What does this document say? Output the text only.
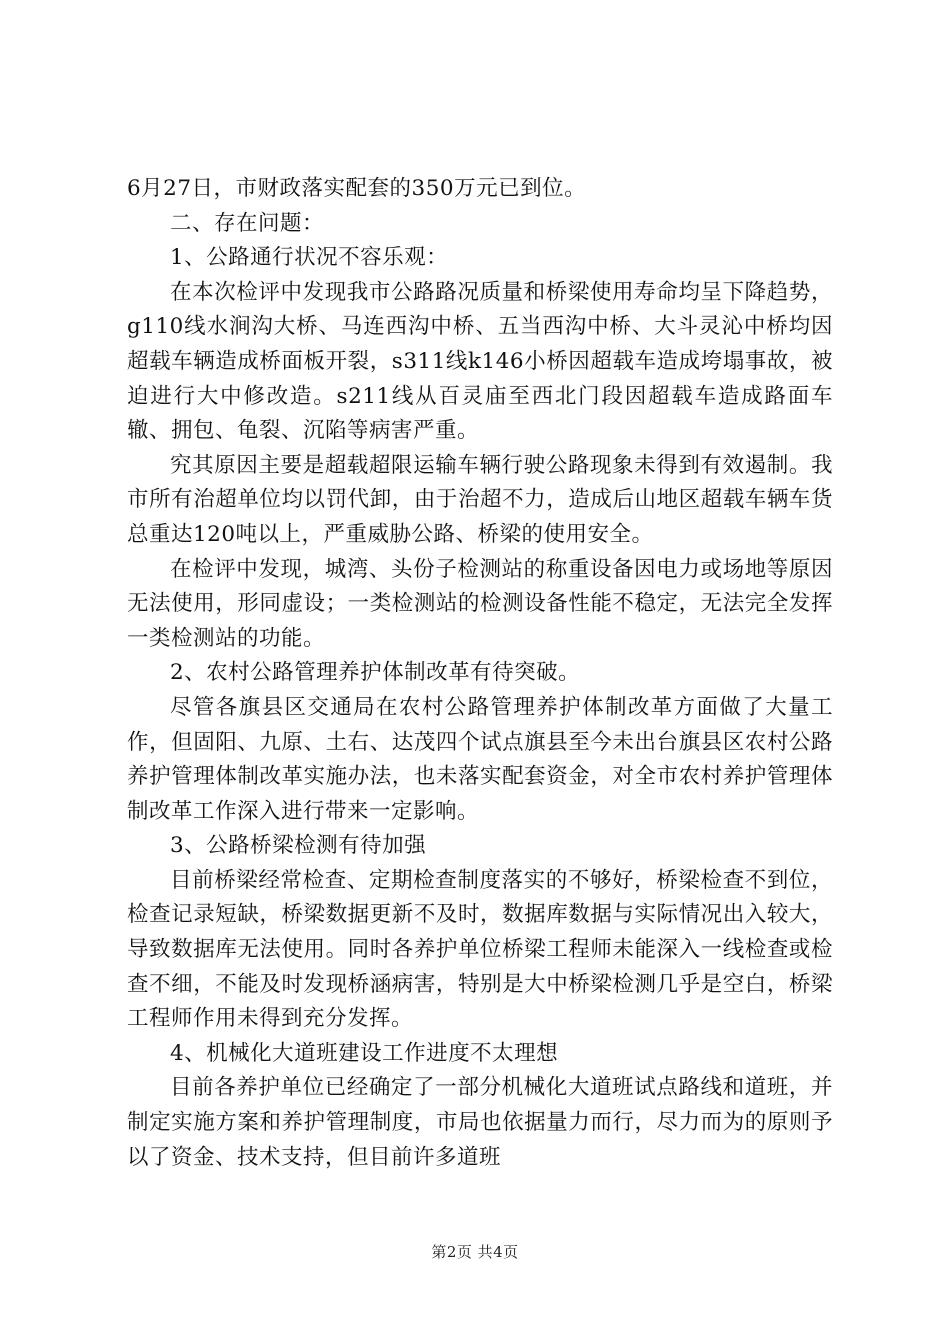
6月27日，市财政落实配套的350万元已到位。

二、存在问题：

1、公路通行状况不容乐观：

在本次检评中发现我市公路路况质量和桥梁使用寿命均呈下降趋势，g110线水涧沟大桥、马连西沟中桥、五当西沟中桥、大斗灵沁中桥均因超载车辆造成桥面板开裂，s311线k146小桥因超载车造成垮塌事故，被迫进行大中修改造。s211线从百灵庙至西北门段因超载车造成路面车辙、拥包、龟裂、沉陷等病害严重。

究其原因主要是超载超限运输车辆行驶公路现象未得到有效遏制。我市所有治超单位均以罚代卸，由于治超不力，造成后山地区超载车辆车货总重达120吨以上，严重威胁公路、桥梁的使用安全。

在检评中发现，城湾、头份子检测站的称重设备因电力或场地等原因无法使用，形同虚设；一类检测站的检测设备性能不稳定，无法完全发挥一类检测站的功能。

2、农村公路管理养护体制改革有待突破。

尽管各旗县区交通局在农村公路管理养护体制改革方面做了大量工作，但固阳、九原、土右、达茂四个试点旗县至今未出台旗县区农村公路养护管理体制改革实施办法，也未落实配套资金，对全市农村养护管理体制改革工作深入进行带来一定影响。

3、公路桥梁检测有待加强

目前桥梁经常检查、定期检查制度落实的不够好，桥梁检查不到位，检查记录短缺，桥梁数据更新不及时，数据库数据与实际情况出入较大，导致数据库无法使用。同时各养护单位桥梁工程师未能深入一线检查或检查不细，不能及时发现桥涵病害，特别是大中桥梁检测几乎是空白，桥梁工程师作用未得到充分发挥。

4、机械化大道班建设工作进度不太理想

目前各养护单位已经确定了一部分机械化大道班试点路线和道班，并制定实施方案和养护管理制度，市局也依据量力而行，尽力而为的原则予以了资金、技术支持，但目前许多道班

第2页 共4页
